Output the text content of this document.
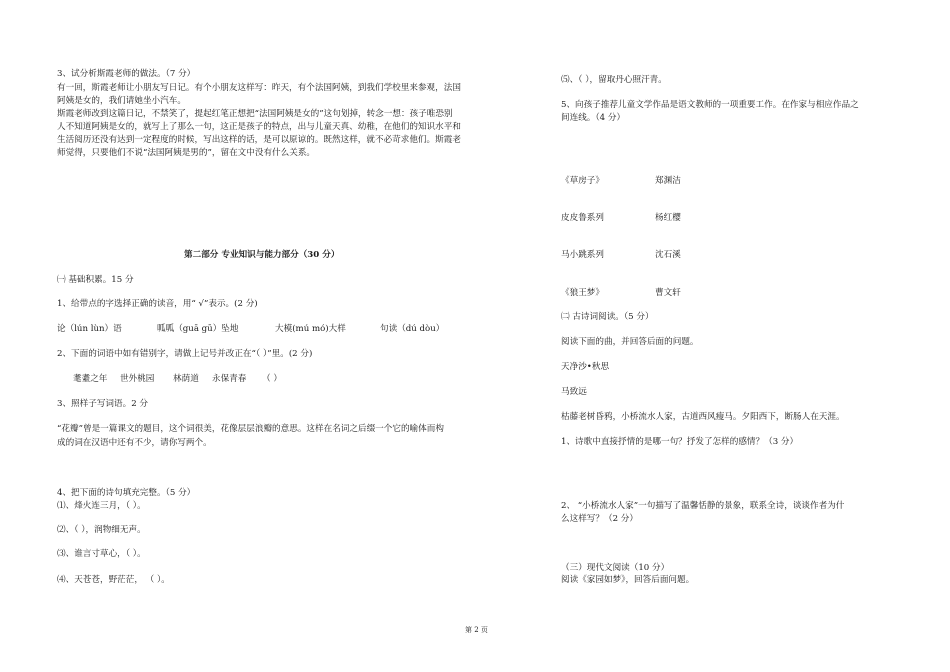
3、试分析斯霞老师的做法。（7 分）
有一回，斯霞老师让小朋友写日记。有个小朋友这样写：昨天，有个法国阿姨，到我们学校里来参观，法国
阿姨是女的，我们请她坐小汽车。
斯霞老师改到这篇日记，不禁笑了，提起红笔正想把“法国阿姨是女的”这句划掉，转念一想：孩子唯恐别
人不知道阿姨是女的，就写上了那么一句，这正是孩子的特点，出与儿童天真、幼稚，在他们的知识水平和
生活阅历还没有达到一定程度的时候，写出这样的话，是可以原谅的。既然这样，就不必苛求他们。斯霞老
师觉得，只要他们不说“法国阿姨是男的”，留在文中没有什么关系。
第二部分 专业知识与能力部分（30 分）
㈠ 基础积累。15 分
1、给带点的字选择正确的读音，用“ √”表示。(2 分)
论（lún lùn）语	呱呱（guā gū）坠地	大模(mú mó)大样	句读（dú dòu）
2、下面的词语中如有错别字，请做上记号并改正在“（ ）”里。(2 分)
耄耋之年 世外桃园 林荫道 永保青春 （ ）
3、照样子写词语。2 分
“花瓣”曾是一篇课文的题目，这个词很美，花像层层浪瓣的意思。这样在名词之后缀一个它的喻体而构
成的词在汉语中还有不少，请你写两个。
4、把下面的诗句填充完整。（5 分）
⑴、烽火连三月，（ ）。
⑵、（ ），润物细无声。
⑶、谁言寸草心，（ ）。
⑷、天苍苍，野茫茫， （ ）。
⑸、（ ），留取丹心照汗青。
5、向孩子推荐儿童文学作品是语文教师的一项重要工作。在作家与相应作品之
间连线。（4 分）
《草房子》	郑渊洁
皮皮鲁系列	杨红樱
马小跳系列	沈石溪
《狼王梦》	曹文轩
㈡ 古诗词阅读。（5 分）
阅读下面的曲，并回答后面的问题。
天净沙•秋思
马致远
枯藤老树昏鸦，小桥流水人家，古道西风瘦马。夕阳西下，断肠人在天涯。
1、诗歌中直接抒情的是哪一句？抒发了怎样的感情？（3 分）
2、 “小桥流水人家”一句描写了温馨恬静的景象，联系全诗，谈谈作者为什
么这样写？（2 分）
（三）现代文阅读（10 分）
阅读《家园如梦》，回答后面问题。
第 2 页
